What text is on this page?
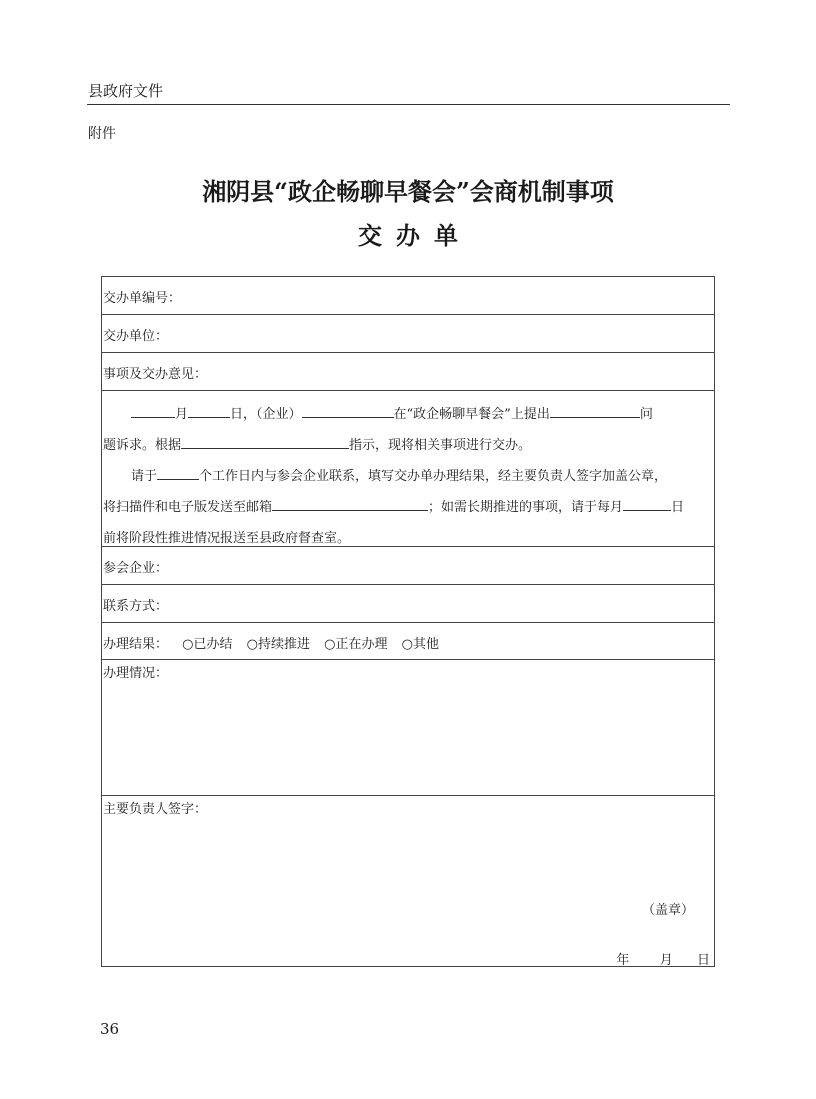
县政府文件
附件
湘阴县“政企畅聊早餐会”会商机制事项
交办单
交办单编号：
交办单位：
事项及交办意见：
月	日，（企业）	在“政企畅聊早餐会”上提出	问
题诉求。根据	指示，现将相关事项进行交办。
请于	个工作日内与参会企业联系，填写交办单办理结果，经主要负责人签字加盖公章，
将扫描件和电子版发送至邮箱	；如需长期推进的事项，请于每月	日
前将阶段性推进情况报送至县政府督查室。
参会企业：
联系方式：
办理结果： ○已办结 ○持续推进 ○正在办理 ○其他
办理情况：
主要负责人签字：
（盖章）
年 月 日
36
